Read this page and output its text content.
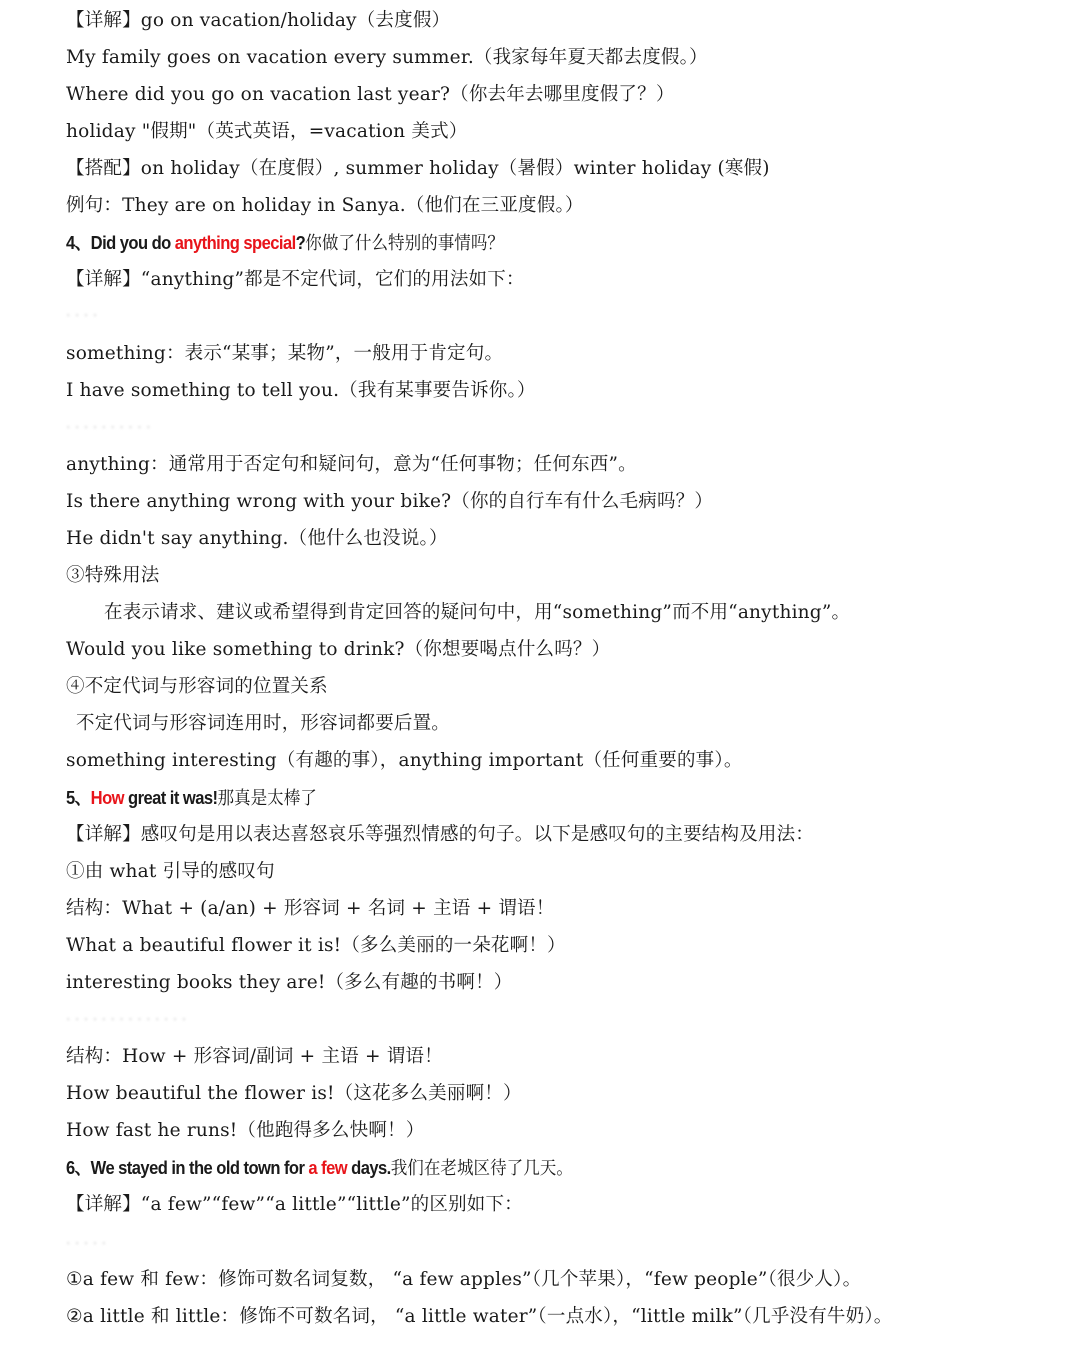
【详解】go on vacation/holiday（去度假）
My family goes on vacation every summer.（我家每年夏天都去度假。）
Where did you go on vacation last year?（你去年去哪里度假了？）
holiday "假期"（英式英语，=vacation 美式）
【搭配】on holiday（在度假）, summer holiday（暑假）winter holiday (寒假)
例句：They are on holiday in Sanya.（他们在三亚度假。）
4、Did you do anything special?你做了什么特别的事情吗？
【详解】“anything”都是不定代词，它们的用法如下：
· · · ·
something：表示“某事；某物”，一般用于肯定句。
I have something to tell you.（我有某事要告诉你。）
· · · · · · · · · ·
anything：通常用于否定句和疑问句，意为“任何事物；任何东西”。
Is there anything wrong with your bike?（你的自行车有什么毛病吗？）
He didn't say anything.（他什么也没说。）
③特殊用法
在表示请求、建议或希望得到肯定回答的疑问句中，用“something”而不用“anything”。
Would you like something to drink?（你想要喝点什么吗？）
④不定代词与形容词的位置关系
不定代词与形容词连用时，形容词都要后置。
something interesting（有趣的事），anything important（任何重要的事）。
5、How great it was!那真是太棒了
【详解】感叹句是用以表达喜怒哀乐等强烈情感的句子。以下是感叹句的主要结构及用法：
①由 what 引导的感叹句
结构：What + (a/an) + 形容词 + 名词 + 主语 + 谓语！
What a beautiful flower it is!（多么美丽的一朵花啊！）
interesting books they are!（多么有趣的书啊！）
· · · · · · · · · · · · · ·
结构：How + 形容词/副词 + 主语 + 谓语！
How beautiful the flower is!（这花多么美丽啊！）
How fast he runs!（他跑得多么快啊！）
6、We stayed in the old town for a few days.我们在老城区待了几天。
【详解】“a few”“few”“a little”“little”的区别如下：
· · · · ·
①a few 和 few：修饰可数名词复数， “a few apples”（几个苹果），“few people”（很少人）。
②a little 和 little：修饰不可数名词， “a little water”（一点水），“little milk”（几乎没有牛奶）。
